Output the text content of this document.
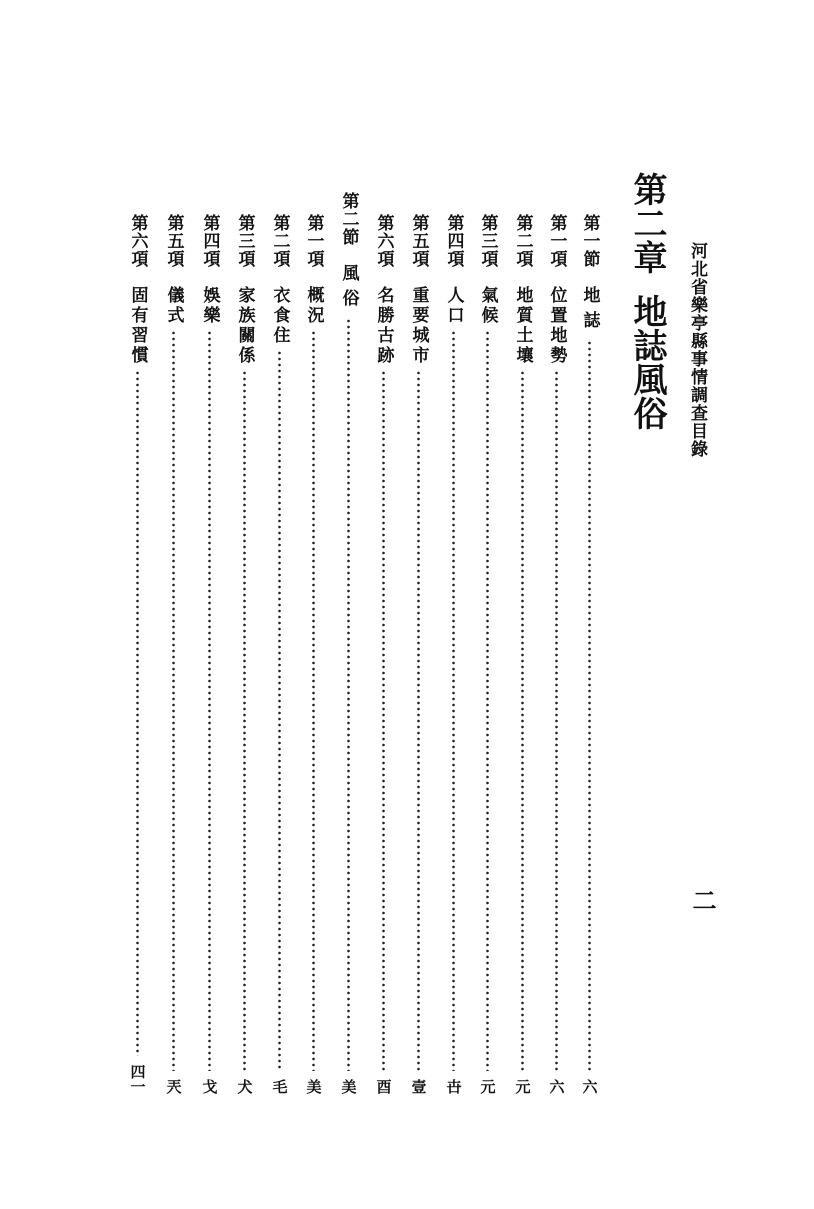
河北省樂亭縣事情調查目錄
二
第二章地誌風俗
第一節
地誌
六
第一項
位置地勢
六
第二項
地質土壤
元
第三項
氣候
元
第四項
人口
卋
第五項
重要城市
壹
第六項
名勝古跡
酉
第二節
風俗
美
第一項
概況
美
第二項
衣食住
毛
第三項
家族關係
犬
第四項
娛樂
戈
第五項
儀式
兲
第六項
固有習慣
四一
